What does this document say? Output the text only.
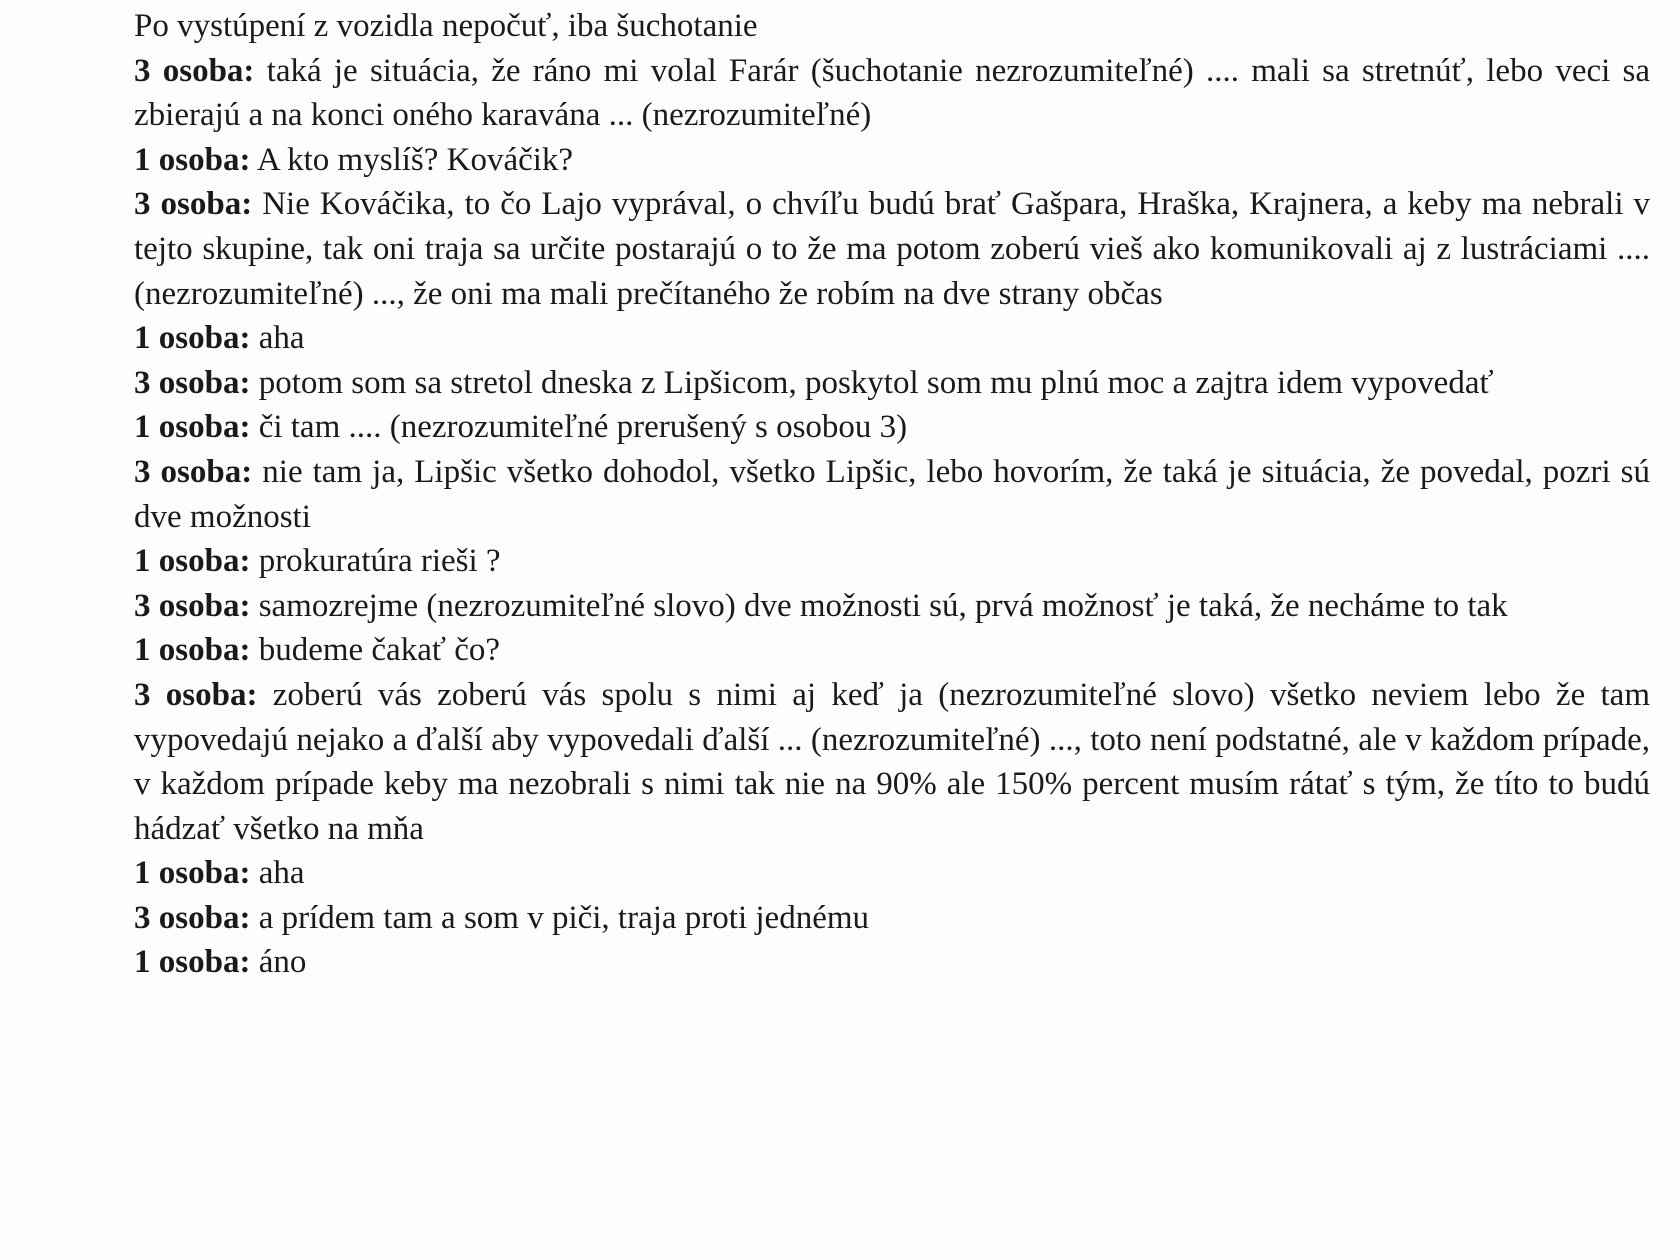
Po vystúpení z vozidla nepočuť, iba šuchotanie

3 osoba: taká je situácia, že ráno mi volal Farár (šuchotanie nezrozumiteľné) .... mali sa stretnúť, lebo veci sa zbierajú a na konci oného karavána ... (nezrozumiteľné)

1 osoba: A kto myslíš? Kováčik?

3 osoba: Nie Kováčika, to čo Lajo vyprával, o chvíľu budú brať Gašpara, Hraška, Krajnera, a keby ma nebrali v tejto skupine, tak oni traja sa určite postarajú o to že ma potom zoberú vieš ako komunikovali aj z lustráciami .... (nezrozumiteľné) ..., že oni ma mali prečítaného že robím na dve strany občas

1 osoba: aha

3 osoba: potom som sa stretol dneska z Lipšicom, poskytol som mu plnú moc a zajtra idem vypovedať

1 osoba: či tam .... (nezrozumiteľné prerušený s osobou 3)

3 osoba: nie tam ja, Lipšic všetko dohodol, všetko Lipšic, lebo hovorím, že taká je situácia, že povedal, pozri sú dve možnosti

1 osoba: prokuratúra rieši ?

3 osoba: samozrejme (nezrozumiteľné slovo) dve možnosti sú, prvá možnosť je taká, že necháme to tak

1 osoba: budeme čakať čo?

3 osoba: zoberú vás zoberú vás spolu s nimi aj keď ja (nezrozumiteľné slovo) všetko neviem lebo že tam vypovedajú nejako a ďalší aby vypovedali ďalší ... (nezrozumiteľné) ..., toto není podstatné, ale v každom prípade, v každom prípade keby ma nezobrali s nimi tak nie na 90% ale 150% percent musím rátať s tým, že títo to budú hádzať všetko na mňa

1 osoba: aha

3 osoba: a prídem tam a som v piči, traja proti jednému

1 osoba: áno
